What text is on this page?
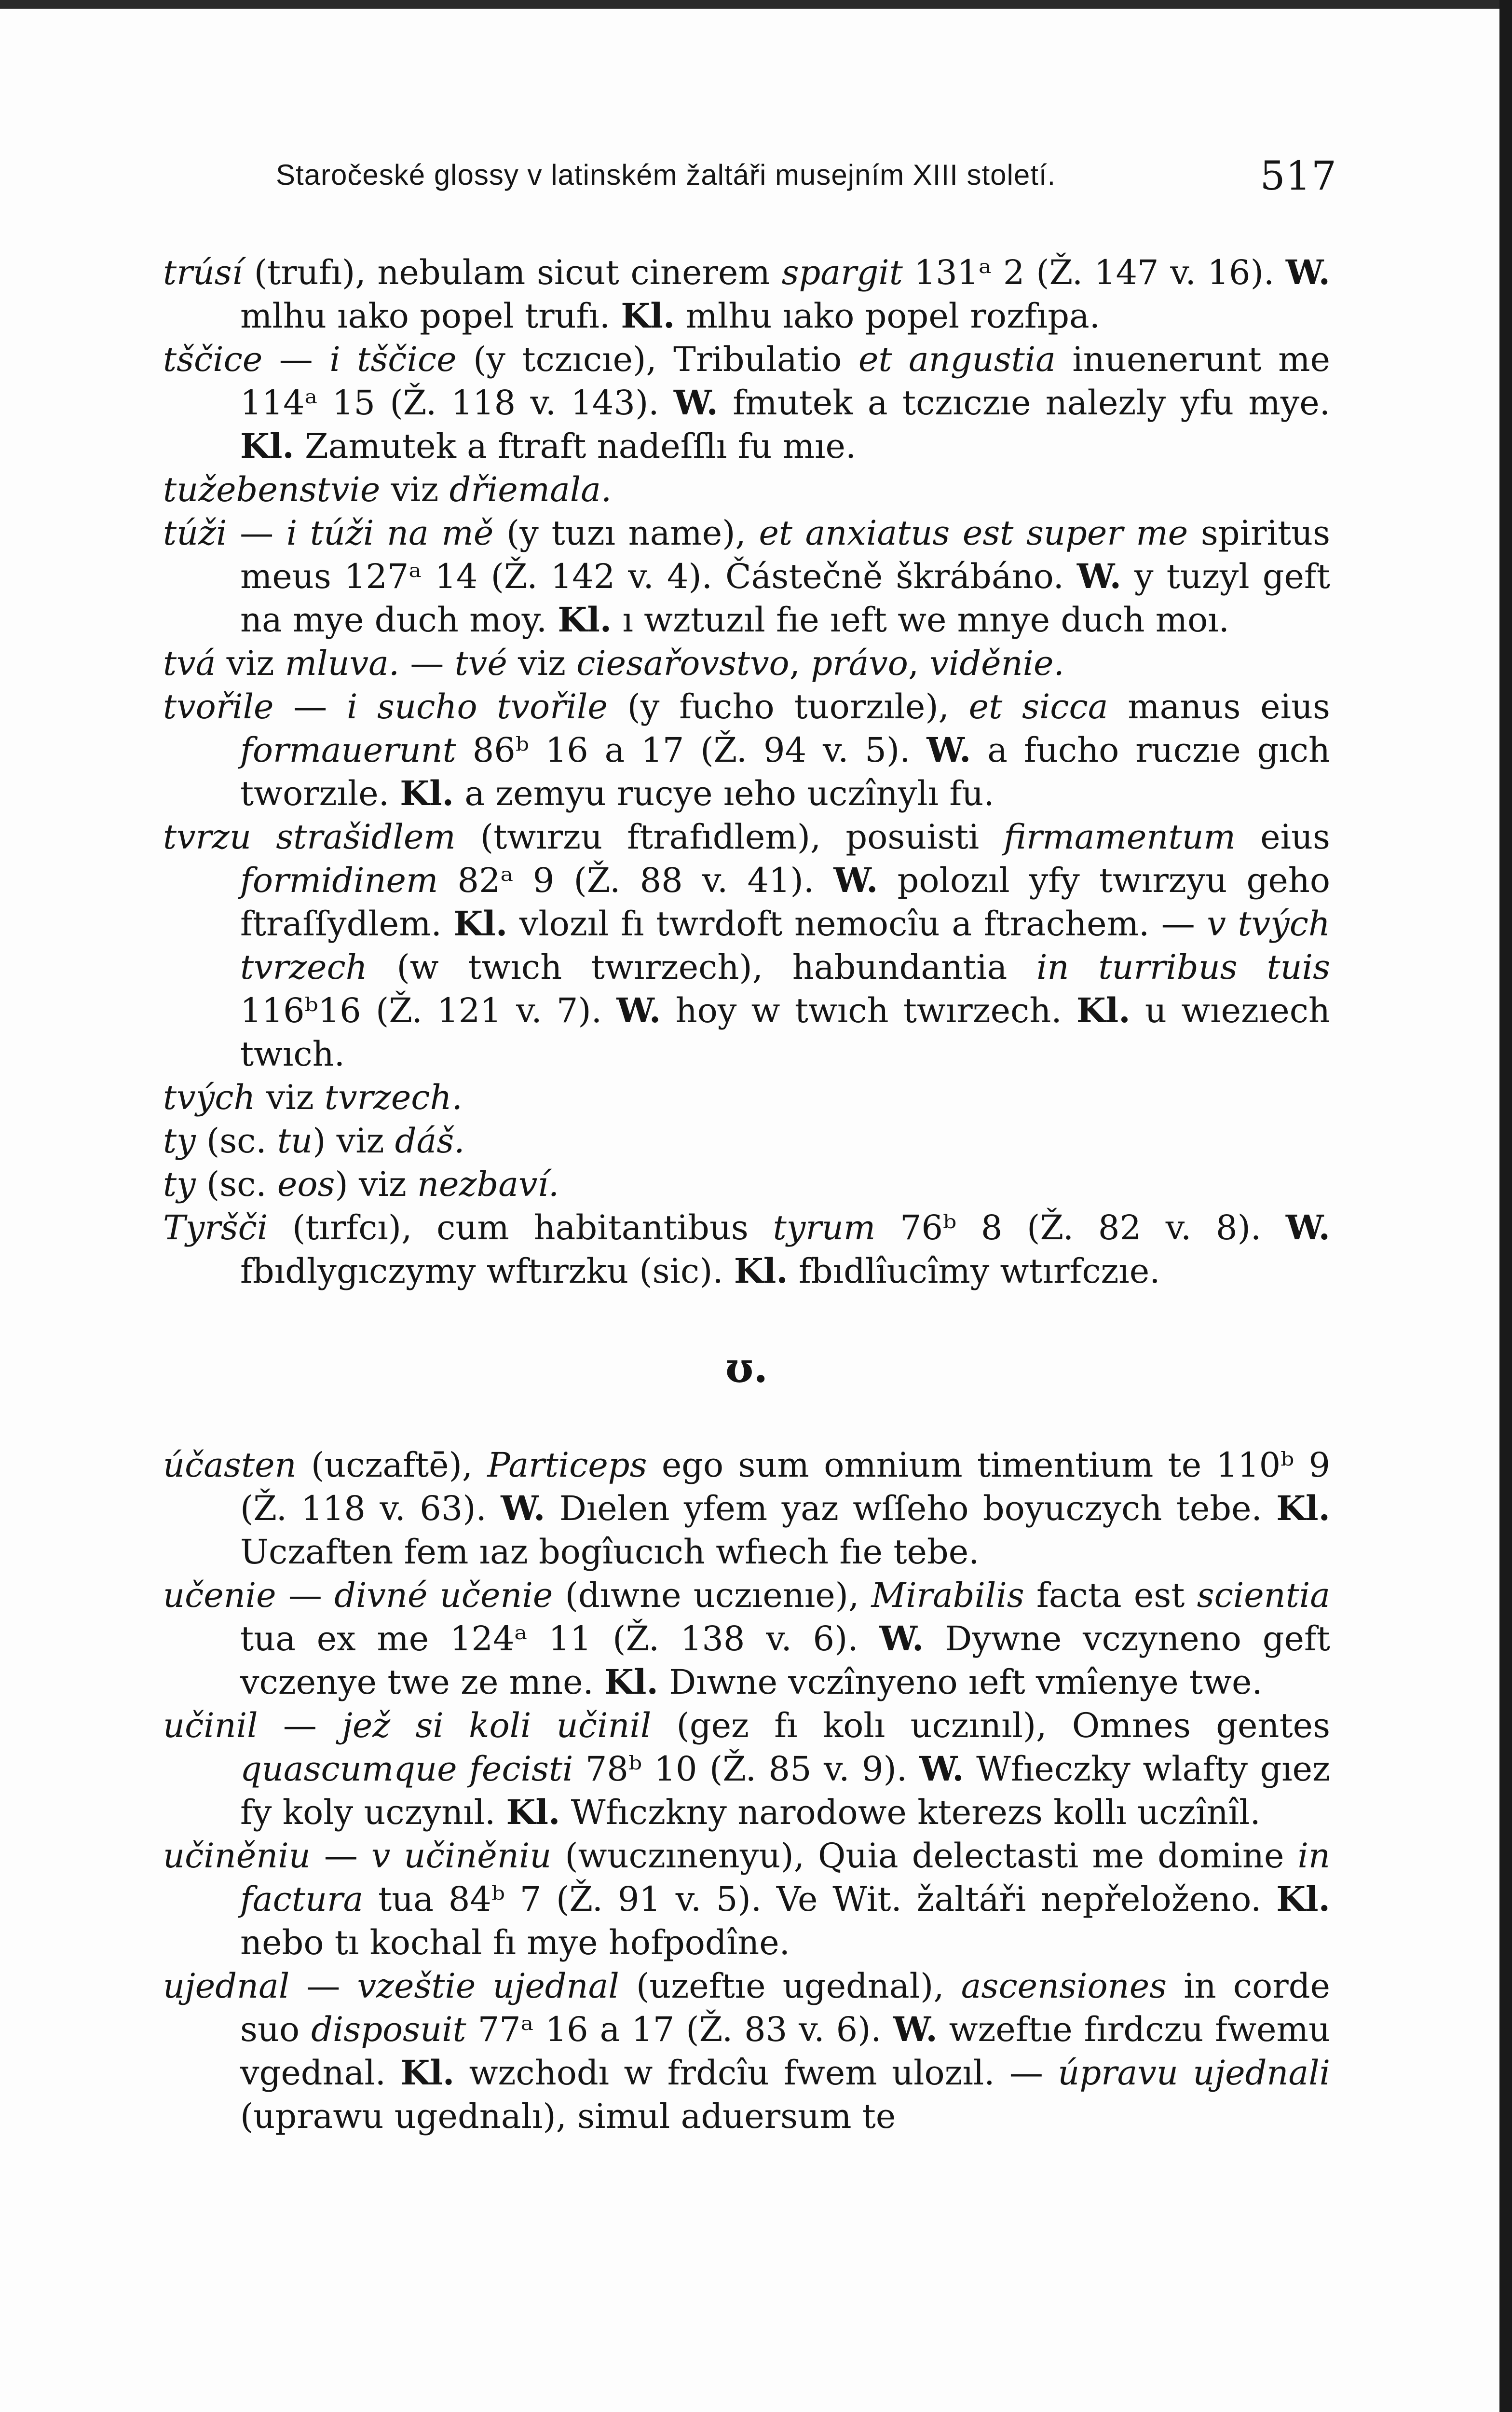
Staročeské glossy v latinském žaltáři musejním XIII století.	517
trúsí (trufı), nebulam sicut cinerem spargit 131ᵃ 2 (Ž. 147 v. 16). W. mlhu ıako popel trufı. Kl. mlhu ıako popel rozfıpa.
tščice — i tščice (y tczıcıe), Tribulatio et angustia inuenerunt me 114ᵃ 15 (Ž. 118 v. 143). W. fmutek a tczıczıe nalezly yfu mye. Kl. Zamutek a ftraft nadeſſlı fu mıe.
tužebenstvie viz dřiemala.
túži — i túži na mě (y tuzı name), et anxiatus est super me spiritus meus 127ᵃ 14 (Ž. 142 v. 4). Částečně škrábáno. W. y tuzyl geft na mye duch moy. Kl. ı wztuzıl fıe ıeft we mnye duch moı.
tvá viz mluva. — tvé viz ciesařovstvo, právo, viděnie.
tvořile — i sucho tvořile (y fucho tuorzıle), et sicca manus eius formauerunt 86ᵇ 16 a 17 (Ž. 94 v. 5). W. a fucho ruczıe gıch tworzıle. Kl. a zemyu rucye ıeho uczînylı fu.
tvrzu strašidlem (twırzu ftrafıdlem), posuisti firmamentum eius formidinem 82ᵃ 9 (Ž. 88 v. 41). W. polozıl yfy twırzyu geho ftraſſydlem. Kl. vlozıl fı twrdoft nemocîu a ftrachem. — v tvých tvrzech (w twıch twırzech), habundantia in turribus tuis 116ᵇ16 (Ž. 121 v. 7). W. hoy w twıch twırzech. Kl. u wıezıech twıch.
tvých viz tvrzech.
ty (sc. tu) viz dáš.
ty (sc. eos) viz nezbaví.
Tyršči (tırfcı), cum habitantibus tyrum 76ᵇ 8 (Ž. 82 v. 8). W. fbıdlygıczymy wftırzku (sic). Kl. fbıdlîucîmy wtırfczıe.
ʊ.
účasten (uczaftē), Particeps ego sum omnium timentium te 110ᵇ 9 (Ž. 118 v. 63). W. Dıelen yfem yaz wſſeho boyuczych tebe. Kl. Uczaften fem ıaz bogîucıch wfıech fıe tebe.
učenie — divné učenie (dıwne uczıenıe), Mirabilis facta est scientia tua ex me 124ᵃ 11 (Ž. 138 v. 6). W. Dywne vczyneno geft vczenye twe ze mne. Kl. Dıwne vczînyeno ıeft vmîenye twe.
učinil — jež si koli učinil (gez fı kolı uczınıl), Omnes gentes quascumque fecisti 78ᵇ 10 (Ž. 85 v. 9). W. Wfıeczky wlafty gıez fy koly uczynıl. Kl. Wfıczkny narodowe kterezs kollı uczînîl.
učiněniu — v učiněniu (wuczınenyu), Quia delectasti me domine in factura tua 84ᵇ 7 (Ž. 91 v. 5). Ve Wit. žaltáři nepřeloženo. Kl. nebo tı kochal fı mye hofpodîne.
ujednal — vzeštie ujednal (uzeftıe ugednal), ascensiones in corde suo disposuit 77ᵃ 16 a 17 (Ž. 83 v. 6). W. wzeftıe fırdczu fwemu vgednal. Kl. wzchodı w frdcîu fwem ulozıl. — úpravu ujednali (uprawu ugednalı), simul aduersum te
